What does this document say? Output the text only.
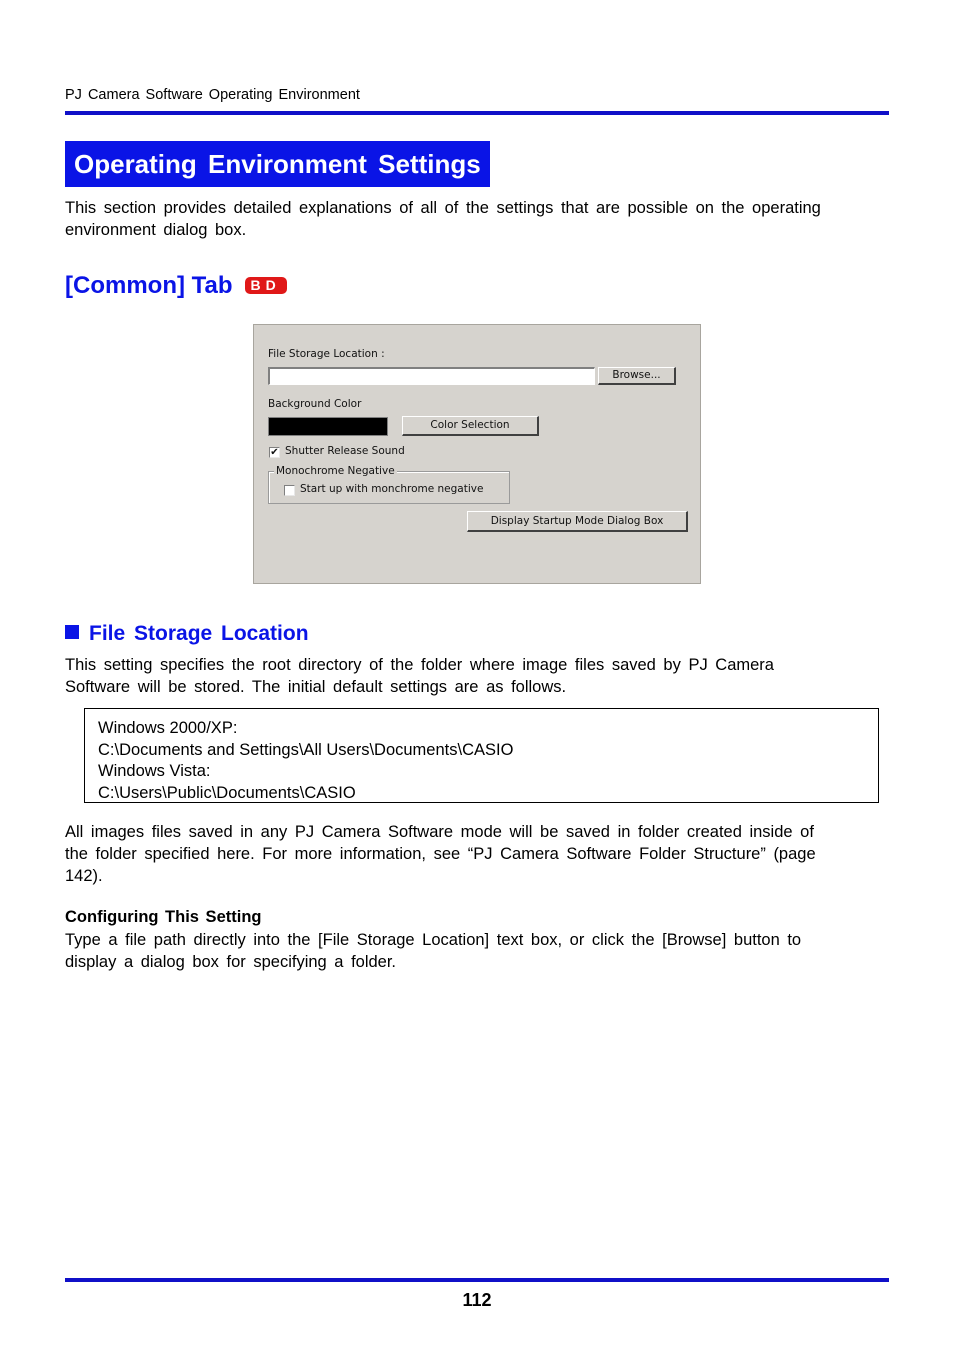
PJ Camera Software Operating Environment
Operating Environment Settings
This section provides detailed explanations of all of the settings that are possible on the operating environment dialog box.
[Common] Tab BD
File Storage Location :
Browse...
Background Color
Color Selection
✔ Shutter Release Sound
Monochrome Negative
Start up with monchrome negative
Display Startup Mode Dialog Box
File Storage Location
This setting specifies the root directory of the folder where image files saved by PJ Camera Software will be stored. The initial default settings are as follows.
Windows 2000/XP:
C:\Documents and Settings\All Users\Documents\CASIO
Windows Vista:
C:\Users\Public\Documents\CASIO
All images files saved in any PJ Camera Software mode will be saved in folder created inside of the folder specified here. For more information, see “PJ Camera Software Folder Structure” (page 142).
Configuring This Setting
Type a file path directly into the [File Storage Location] text box, or click the [Browse] button to display a dialog box for specifying a folder.
112
